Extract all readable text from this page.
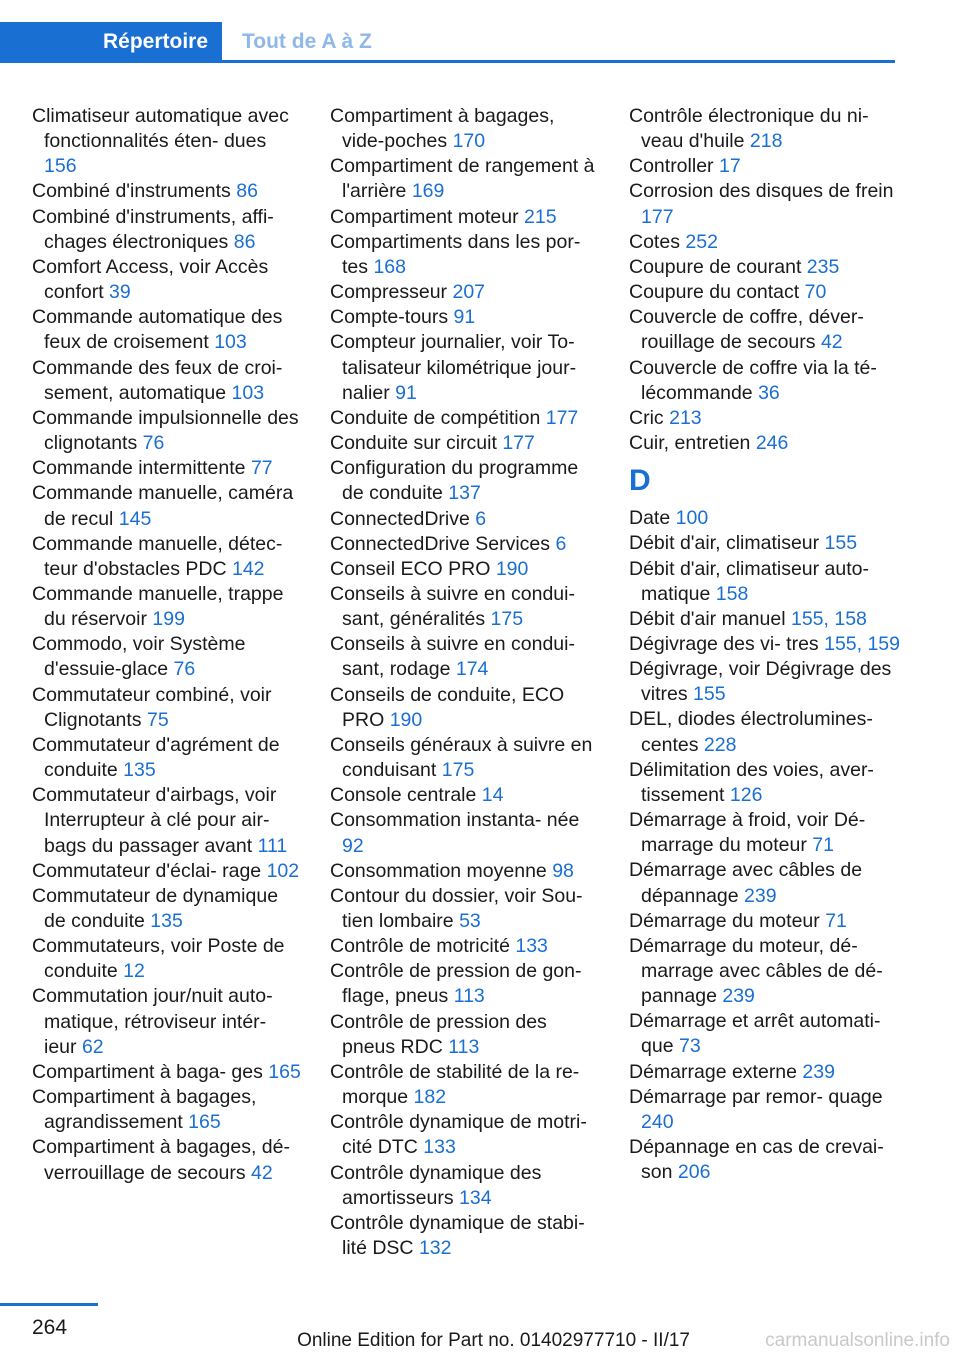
Répertoire	Tout de A à Z

Climatiseur automatique avec fonctionnalités éten- dues 156

Combiné d'instruments 86

Combiné d'instruments, affi- chages électroniques 86

Comfort Access, voir Accès confort 39

Commande automatique des feux de croisement 103

Commande des feux de croi- sement, automatique 103

Commande impulsionnelle des clignotants 76

Commande intermittente 77

Commande manuelle, caméra de recul 145

Commande manuelle, détec- teur d'obstacles PDC 142

Commande manuelle, trappe du réservoir 199

Commodo, voir Système d'essuie-glace 76

Commutateur combiné, voir Clignotants 75

Commutateur d'agrément de conduite 135

Commutateur d'airbags, voir Interrupteur à clé pour air- bags du passager avant 111

Commutateur d'éclai- rage 102

Commutateur de dynamique de conduite 135

Commutateurs, voir Poste de conduite 12

Commutation jour/nuit auto- matique, rétroviseur intér- ieur 62

Compartiment à baga- ges 165

Compartiment à bagages, agrandissement 165

Compartiment à bagages, dé- verrouillage de secours 42

Compartiment à bagages, vide-poches 170

Compartiment de rangement à l'arrière 169

Compartiment moteur 215

Compartiments dans les por- tes 168

Compresseur 207

Compte-tours 91

Compteur journalier, voir To- talisateur kilométrique jour- nalier 91

Conduite de compétition 177

Conduite sur circuit 177

Configuration du programme de conduite 137

ConnectedDrive 6

ConnectedDrive Services 6

Conseil ECO PRO 190

Conseils à suivre en condui- sant, généralités 175

Conseils à suivre en condui- sant, rodage 174

Conseils de conduite, ECO PRO 190

Conseils généraux à suivre en conduisant 175

Console centrale 14

Consommation instanta- née 92

Consommation moyenne 98

Contour du dossier, voir Sou- tien lombaire 53

Contrôle de motricité 133

Contrôle de pression de gon- flage, pneus 113

Contrôle de pression des pneus RDC 113

Contrôle de stabilité de la re- morque 182

Contrôle dynamique de motri- cité DTC 133

Contrôle dynamique des amortisseurs 134

Contrôle dynamique de stabi- lité DSC 132

Contrôle électronique du ni- veau d'huile 218

Controller 17

Corrosion des disques de frein 177

Cotes 252

Coupure de courant 235

Coupure du contact 70

Couvercle de coffre, déver- rouillage de secours 42

Couvercle de coffre via la té- lécommande 36

Cric 213

Cuir, entretien 246

D

Date 100

Débit d'air, climatiseur 155

Débit d'air, climatiseur auto- matique 158

Débit d'air manuel 155, 158

Dégivrage des vi- tres 155, 159

Dégivrage, voir Dégivrage des vitres 155

DEL, diodes électrolumines- centes 228

Délimitation des voies, aver- tissement 126

Démarrage à froid, voir Dé- marrage du moteur 71

Démarrage avec câbles de dépannage 239

Démarrage du moteur 71

Démarrage du moteur, dé- marrage avec câbles de dé- pannage 239

Démarrage et arrêt automati- que 73

Démarrage externe 239

Démarrage par remor- quage 240

Dépannage en cas de crevai- son 206

264
Online Edition for Part no. 01402977710 - II/17	carmanualsonline.info
